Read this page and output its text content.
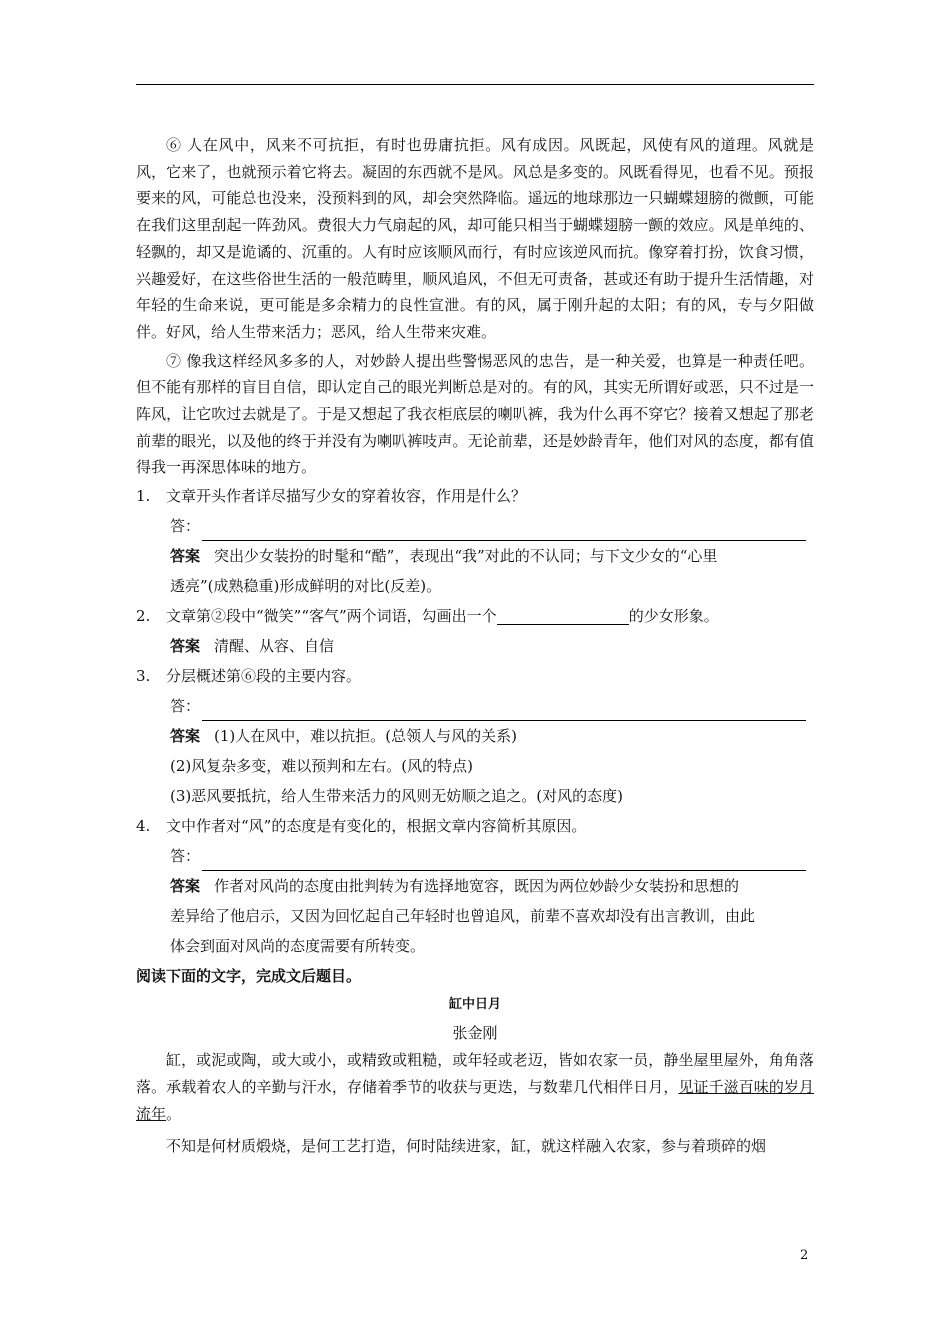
⑥ 人在风中，风来不可抗拒，有时也毋庸抗拒。风有成因。风既起，风使有风的道理。风就是风，它来了，也就预示着它将去。凝固的东西就不是风。风总是多变的。风既看得见，也看不见。预报要来的风，可能总也没来，没预料到的风，却会突然降临。遥远的地球那边一只蝴蝶翅膀的微颤，可能在我们这里刮起一阵劲风。费很大力气扇起的风，却可能只相当于蝴蝶翅膀一颤的效应。风是单纯的、轻飘的，却又是诡谲的、沉重的。人有时应该顺风而行，有时应该逆风而抗。像穿着打扮，饮食习惯，兴趣爱好，在这些俗世生活的一般范畴里，顺风追风，不但无可责备，甚或还有助于提升生活情趣，对年轻的生命来说，更可能是多余精力的良性宣泄。有的风，属于刚升起的太阳；有的风，专与夕阳做伴。好风，给人生带来活力；恶风，给人生带来灾难。

⑦ 像我这样经风多多的人，对妙龄人提出些警惕恶风的忠告，是一种关爱，也算是一种责任吧。但不能有那样的盲目自信，即认定自己的眼光判断总是对的。有的风，其实无所谓好或恶，只不过是一阵风，让它吹过去就是了。于是又想起了我衣柜底层的喇叭裤，我为什么再不穿它？接着又想起了那老前辈的眼光，以及他的终于并没有为喇叭裤吱声。无论前辈，还是妙龄青年，他们对风的态度，都有值得我一再深思体味的地方。

1.	文章开头作者详尽描写少女的穿着妆容，作用是什么？

答：

答案 突出少女装扮的时髦和“酷”，表现出“我”对此的不认同；与下文少女的“心里

透亮”(成熟稳重)形成鲜明的对比(反差)。

2.	文章第②段中“微笑”“客气”两个词语，勾画出一个	的少女形象。

答案 清醒、从容、自信

3.	分层概述第⑥段的主要内容。

答：

答案 (1)人在风中，难以抗拒。(总领人与风的关系)

(2)风复杂多变，难以预判和左右。(风的特点)

(3)恶风要抵抗，给人生带来活力的风则无妨顺之追之。(对风的态度)

4.	文中作者对“风”的态度是有变化的，根据文章内容简析其原因。

答：

答案 作者对风尚的态度由批判转为有选择地宽容，既因为两位妙龄少女装扮和思想的

差异给了他启示，又因为回忆起自己年轻时也曾追风，前辈不喜欢却没有出言教训，由此

体会到面对风尚的态度需要有所转变。

阅读下面的文字，完成文后题目。

缸中日月

张金刚

缸，或泥或陶，或大或小，或精致或粗糙，或年轻或老迈，皆如农家一员，静坐屋里屋外，角角落落。承载着农人的辛勤与汗水，存储着季节的收获与更迭，与数辈几代相伴日月，见证千滋百味的岁月流年。

不知是何材质煅烧，是何工艺打造，何时陆续进家，缸，就这样融入农家，参与着琐碎的烟

2
